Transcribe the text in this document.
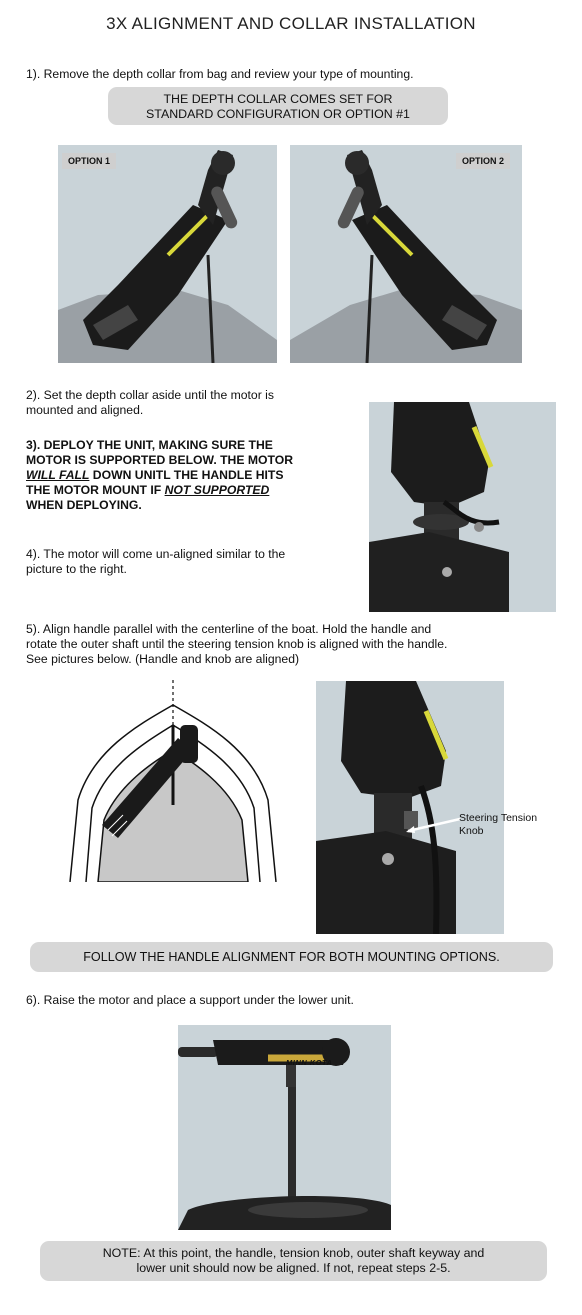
3X ALIGNMENT AND COLLAR INSTALLATION
1). Remove the depth collar from bag and review your type of mounting.
THE DEPTH COLLAR COMES SET FOR
STANDARD CONFIGURATION OR OPTION #1
OPTION 1	OPTION 2
2). Set the depth collar aside until the motor is
mounted and aligned.
3). DEPLOY THE UNIT, MAKING SURE THE
MOTOR IS SUPPORTED BELOW. THE MOTOR
WILL FALL DOWN UNITL THE HANDLE HITS
THE MOTOR MOUNT IF NOT SUPPORTED
WHEN DEPLOYING.
4). The motor will come un-aligned similar to the
picture to the right.
5). Align handle parallel with the centerline of the boat. Hold the handle and
rotate the outer shaft until the steering tension knob is aligned with the handle.
See pictures below. (Handle and knob are aligned)
Steering Tension
Knob
FOLLOW THE HANDLE ALIGNMENT FOR BOTH MOUNTING OPTIONS.
6). Raise the motor and place a support under the lower unit.
MINN KOTA
NOTE: At this point, the handle, tension knob, outer shaft keyway and
lower unit should now be aligned. If not, repeat steps 2-5.
